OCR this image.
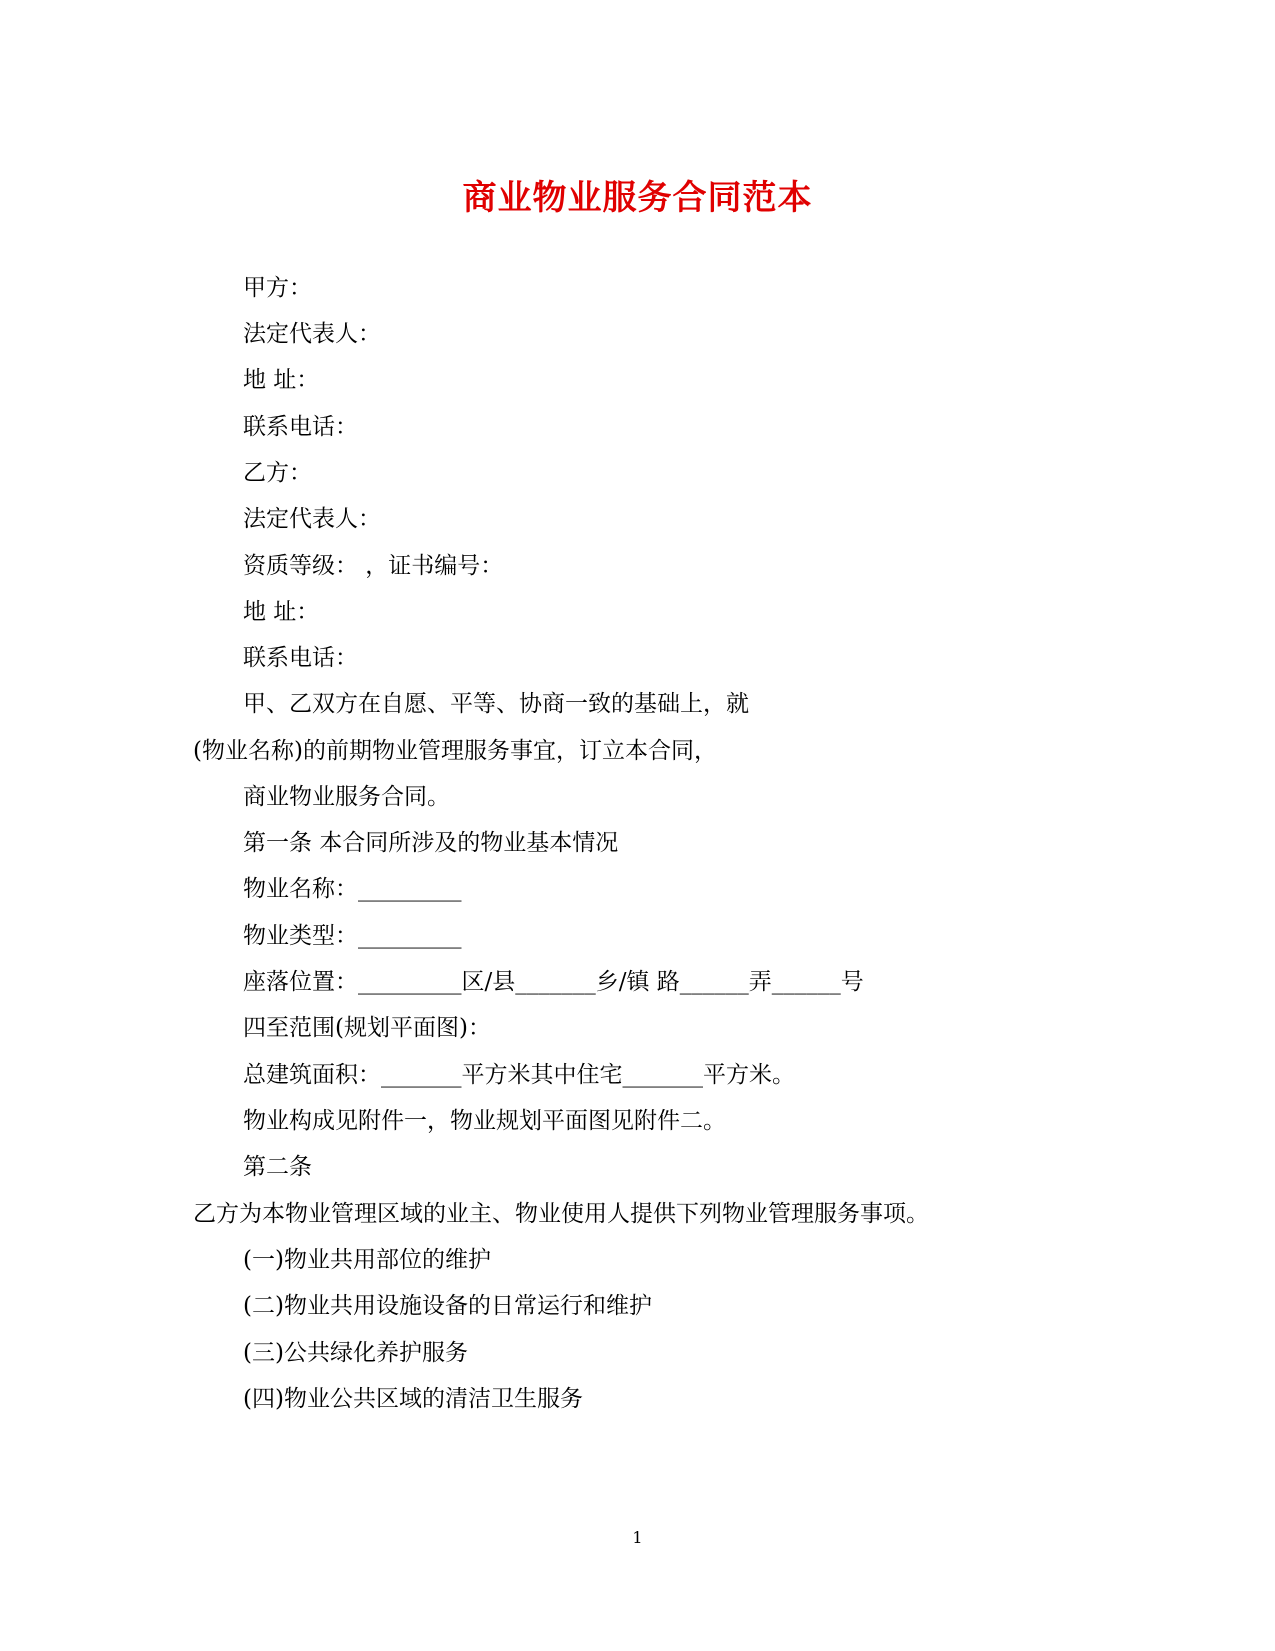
商业物业服务合同范本
甲方：
法定代表人：
地 址：
联系电话：
乙方：
法定代表人：
资质等级： ，证书编号：
地 址：
联系电话：
甲、乙双方在自愿、平等、协商一致的基础上，就
(物业名称)的前期物业管理服务事宜，订立本合同，
商业物业服务合同。
第一条 本合同所涉及的物业基本情况
物业名称：_________
物业类型：_________
座落位置：_________区/县_______乡/镇 路______弄______号
四至范围(规划平面图)：
总建筑面积：_______平方米其中住宅_______平方米。
物业构成见附件一，物业规划平面图见附件二。
第二条
乙方为本物业管理区域的业主、物业使用人提供下列物业管理服务事项。
(一)物业共用部位的维护
(二)物业共用设施设备的日常运行和维护
(三)公共绿化养护服务
(四)物业公共区域的清洁卫生服务
1
